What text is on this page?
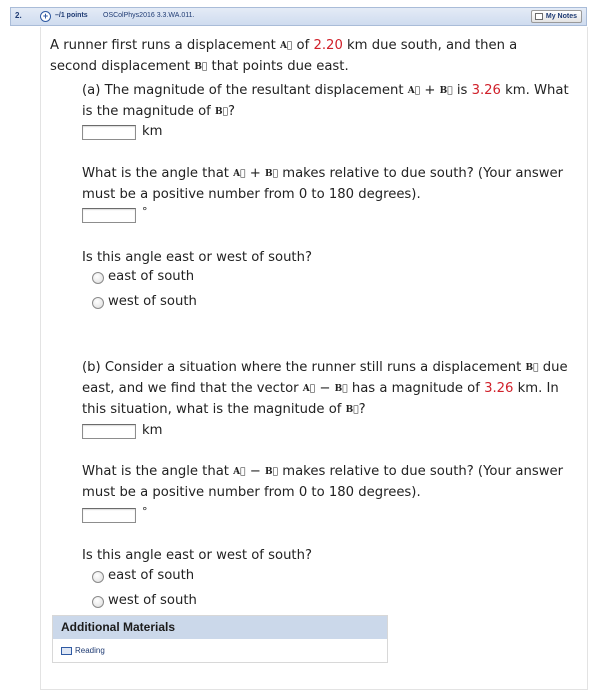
2.	+ –/1 points OSColPhys2016 3.3.WA.011.	My Notes
A runner first runs a displacement A⃗ of 2.20 km due south, and then a
second displacement B⃗ that points due east.
(a) The magnitude of the resultant displacement A⃗ + B⃗ is 3.26 km. What
is the magnitude of B⃗?
km
What is the angle that A⃗ + B⃗ makes relative to due south? (Your answer
must be a positive number from 0 to 180 degrees).
°
Is this angle east or west of south?
east of south
west of south
(b) Consider a situation where the runner still runs a displacement B⃗ due
east, and we find that the vector A⃗ − B⃗ has a magnitude of 3.26 km. In
this situation, what is the magnitude of B⃗?
km
What is the angle that A⃗ − B⃗ makes relative to due south? (Your answer
must be a positive number from 0 to 180 degrees).
°
Is this angle east or west of south?
east of south
west of south
Additional Materials
Reading
